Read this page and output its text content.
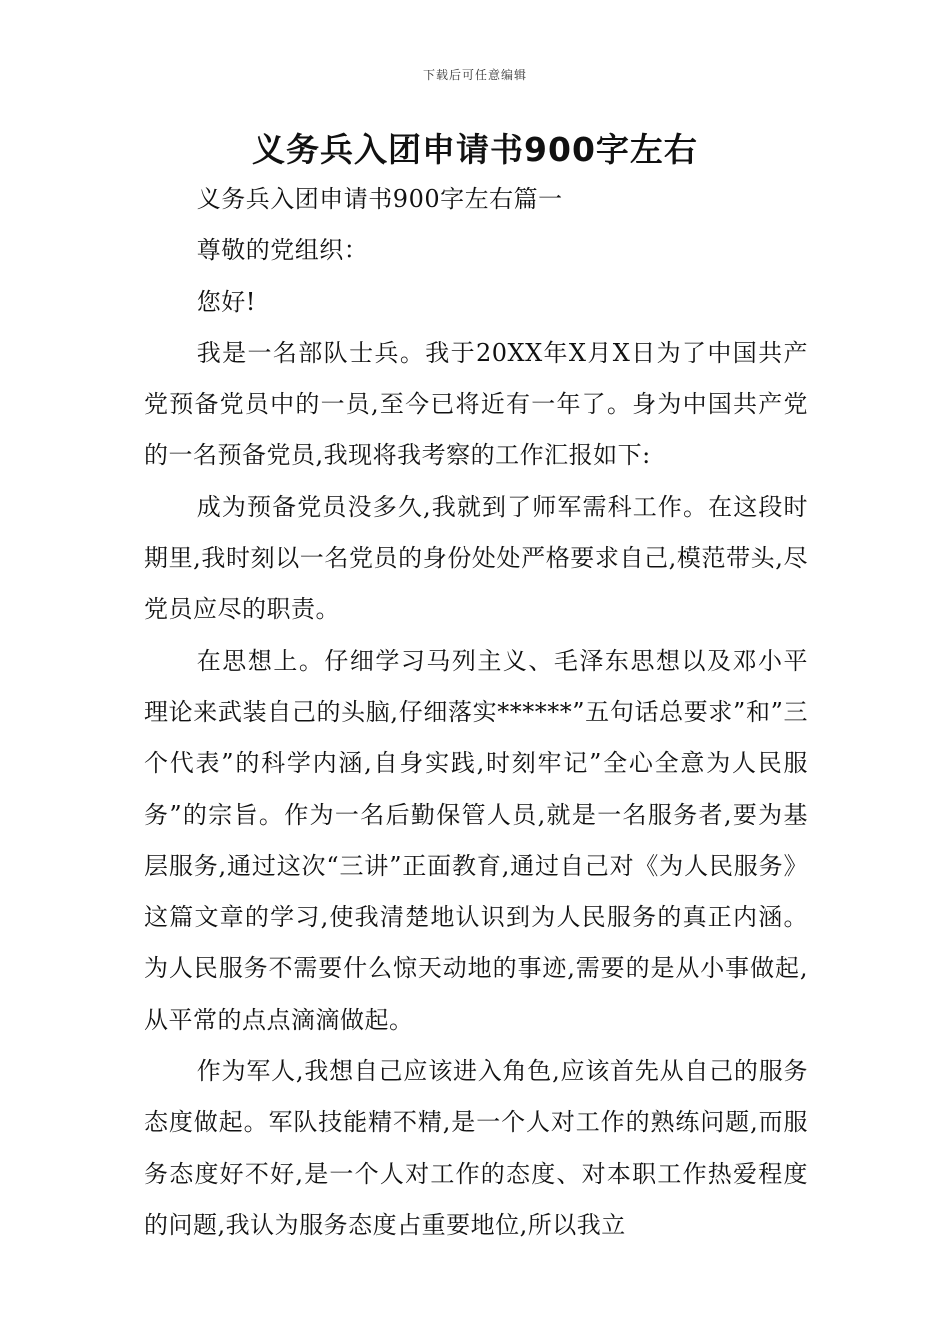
下载后可任意编辑
义务兵入团申请书900字左右

义务兵入团申请书900字左右篇一

尊敬的党组织：

您好!

我是一名部队士兵。我于20XX年X月X日为了中国共产党预备党员中的一员,至今已将近有一年了。身为中国共产党的一名预备党员,我现将我考察的工作汇报如下:

成为预备党员没多久,我就到了师军需科工作。在这段时期里,我时刻以一名党员的身份处处严格要求自己,模范带头,尽党员应尽的职责。

在思想上。仔细学习马列主义、毛泽东思想以及邓小平理论来武装自己的头脑,仔细落实******”五句话总要求”和”三个代表”的科学内涵,自身实践,时刻牢记”全心全意为人民服务”的宗旨。作为一名后勤保管人员,就是一名服务者,要为基层服务,通过这次“三讲”正面教育,通过自己对《为人民服务》这篇文章的学习,使我清楚地认识到为人民服务的真正内涵。为人民服务不需要什么惊天动地的事迹,需要的是从小事做起,从平常的点点滴滴做起。

作为军人,我想自己应该进入角色,应该首先从自己的服务态度做起。军队技能精不精,是一个人对工作的熟练问题,而服务态度好不好,是一个人对工作的态度、对本职工作热爱程度的问题,我认为服务态度占重要地位,所以我立
